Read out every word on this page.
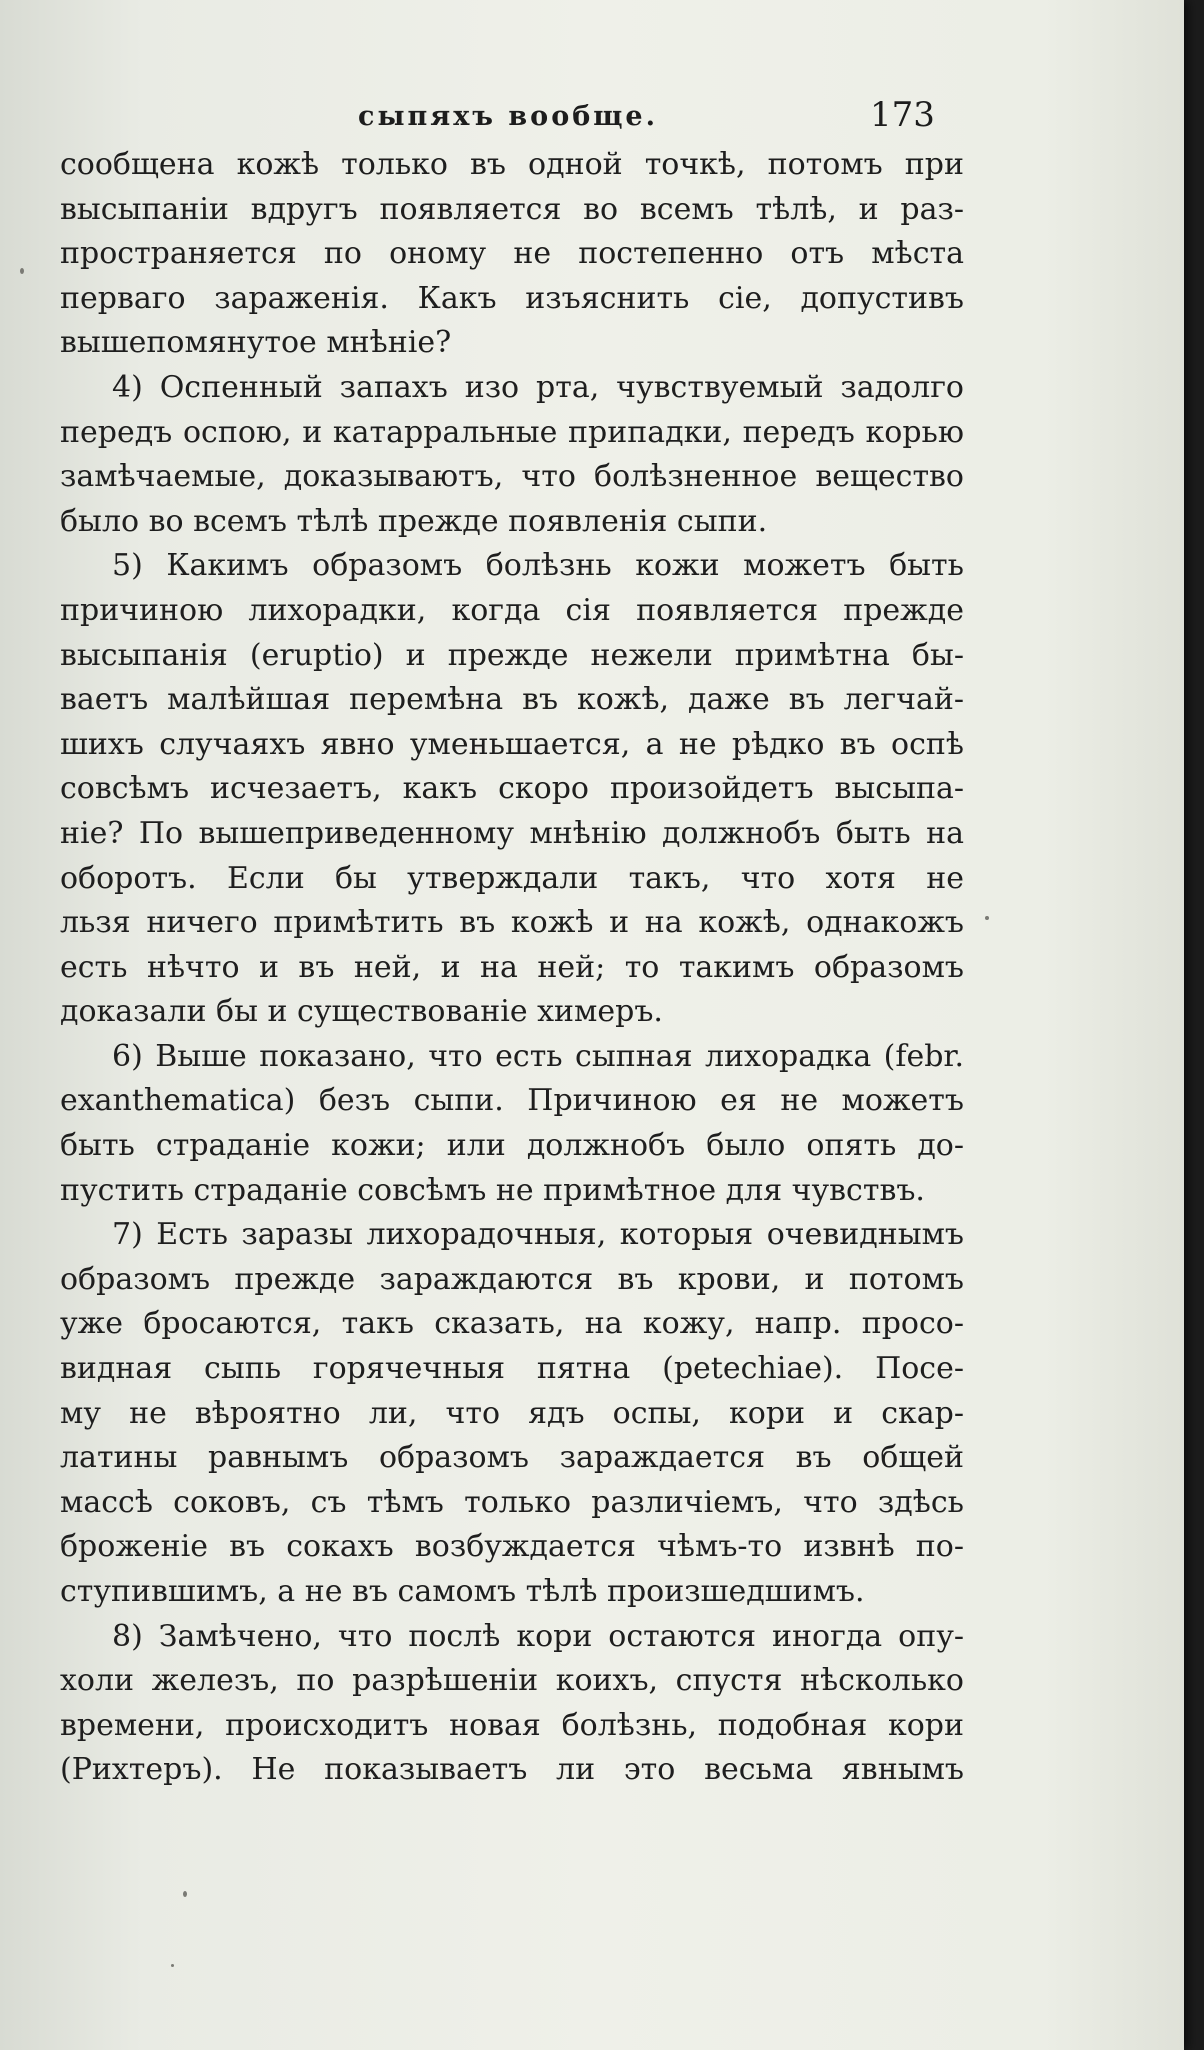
сыпяхъ вообще.	173
сообщена кожѣ только въ одной точкѣ, потомъ при
высыпаніи вдругъ появляется во всемъ тѣлѣ, и раз-
пространяется по оному не постепенно отъ мѣста
перваго зараженія. Какъ изъяснить сіе, допустивъ
вышепомянутое мнѣніе?
4) Оспенный запахъ изо рта, чувствуемый задолго
передъ оспою, и катарральные припадки, передъ корью
замѣчаемые, доказываютъ, что болѣзненное вещество
было во всемъ тѣлѣ прежде появленія сыпи.
5) Какимъ образомъ болѣзнь кожи можетъ быть
причиною лихорадки, когда сія появляется прежде
высыпанія (eruptio) и прежде нежели примѣтна бы-
ваетъ малѣйшая перемѣна въ кожѣ, даже въ легчай-
шихъ случаяхъ явно уменьшается, а не рѣдко въ оспѣ
совсѣмъ исчезаетъ, какъ скоро произойдетъ высыпа-
ніе? По вышеприведенному мнѣнію должнобъ быть на
оборотъ. Если бы утверждали такъ, что хотя не
льзя ничего примѣтить въ кожѣ и на кожѣ, однакожъ
есть нѣчто и въ ней, и на ней; то такимъ образомъ
доказали бы и существованіе химеръ.
6) Выше показано, что есть сыпная лихорадка (febr.
exanthematica) безъ сыпи. Причиною ея не можетъ
быть страданіе кожи; или должнобъ было опять до-
пустить страданіе совсѣмъ не примѣтное для чувствъ.
7) Есть заразы лихорадочныя, которыя очевиднымъ
образомъ прежде зараждаются въ крови, и потомъ
уже бросаются, такъ сказать, на кожу, напр. просо-
видная сыпь горячечныя пятна (petechiae). Посе-
му не вѣроятно ли, что ядъ оспы, кори и скар-
латины равнымъ образомъ зараждается въ общей
массѣ соковъ, съ тѣмъ только различіемъ, что здѣсь
броженіе въ сокахъ возбуждается чѣмъ-то извнѣ по-
ступившимъ, а не въ самомъ тѣлѣ произшедшимъ.
8) Замѣчено, что послѣ кори остаются иногда опу-
холи железъ, по разрѣшеніи коихъ, спустя нѣсколько
времени, происходитъ новая болѣзнь, подобная кори
(Рихтеръ). Не показываетъ ли это весьма явнымъ
